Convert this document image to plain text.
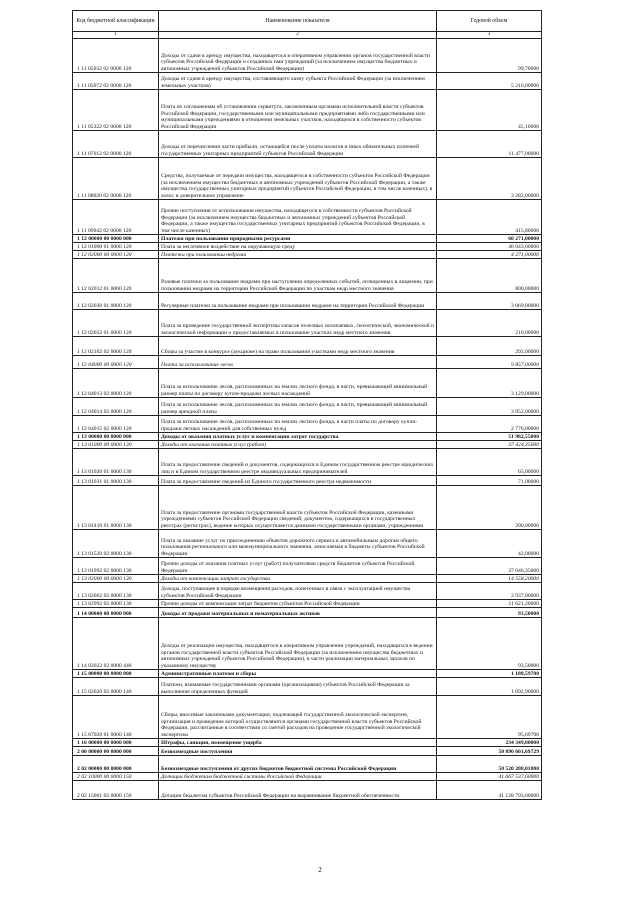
Код бюджетной классификации	Наименование показателя	Годовой объем
1	2	3
1 11 05032 02 0000 120	Доходы от сдачи в аренду имущества, находящегося в оперативном управлении органов государственной власти субъектов Российской Федерации и созданных ими учреждений (за исключением имущества бюджетных и автономных учреждений субъектов Российской Федерации)	99,70000
1 11 05072 02 0000 120	Доходы от сдачи в аренду имущества, составляющего казну субъекта Российской Федерации (за исключением земельных участков)	5 216,00000
1 11 05322 02 0000 120	Плата по соглашениям об установлении сервитута, заключенным органами исполнительной власти субъектов Российской Федерации, государственными или муниципальными предприятиями либо государственными или муниципальными учреждениями в отношении земельных участков, находящихся в собственности субъектов Российской Федерации	45,10000
1 11 07012 02 0000 120	Доходы от перечисления части прибыли, остающейся после уплаты налогов и иных обязательных платежей государственных унитарных предприятий субъектов Российской Федерации	11 477,00000
1 11 08020 02 0000 120	Средства, получаемые от передачи имущества, находящегося в собственности субъектов Российской Федерации (за исключением имущества бюджетных и автономных учреждений субъектов Российской Федерации, а также имущества государственных унитарных предприятий субъектов Российской Федерации, в том числе казенных), в залог, в доверительное управление	3 282,00000
1 11 09042 02 0000 120	Прочие поступления от использования имущества, находящегося в собственности субъектов Российской Федерации (за исключением имущества бюджетных и автономных учреждений субъектов Российской Федерации, а также имущества государственных унитарных предприятий субъектов Российской Федерации, в том числе казенных)	415,80000
1 12 00000 00 0000 000	Платежи при пользовании природными ресурсами	60 271,00000
1 12 01000 01 0000 120	Плата за негативное воздействие на окружающую среду	46 043,00000
1 12 02000 00 0000 120	Платежи при пользовании недрами	4 271,00000
1 12 02012 01 0000 120	Разовые платежи за пользование недрами при наступлении определенных событий, оговоренных в лицензии, при пользовании недрами на территории Российской Федерации по участкам недр местного значения	800,00000
1 12 02030 01 0000 120	Регулярные платежи за пользование недрами при пользовании недрами на территории Российской Федерации	3 069,00000
1 12 02052 01 0000 120	Плата за проведение государственной экспертизы запасов полезных ископаемых, геологической, экономической и экологической информации о предоставляемых в пользование участках недр местного значения	210,00000
1 12 02102 02 0000 120	Сборы за участие в конкурсе (аукционе) на право пользования участками недр местного значения	292,00000
1 12 04000 00 0000 120	Плата за использование лесов	9 857,00000
1 12 04013 02 0000 120	Плата за использование лесов, расположенных на землях лесного фонда, в части, превышающей минимальный размер платы по договору купли-продажи лесных насаждений	3 129,00000
1 12 04014 02 0000 120	Плата за использование лесов, расположенных на землях лесного фонда, в части, превышающей минимальный размер арендной платы	3 952,00000
1 12 04015 02 0000 120	Плата за использование лесов, расположенных на землях лесного фонда, в части платы по договору купли-продажи лесных насаждений для собственных нужд	2 776,00000
1 13 00000 00 0000 000	Доходы от оказания платных услуг и компенсации затрат государства	51 982,55000
1 13 01000 00 0000 130	Доходы от оказания платных услуг (работ)	37 424,35000
1 13 01020 01 0000 130	Плата за предоставление сведений и документов, содержащихся в Едином государственном реестре юридических лиц и в Едином государственном реестре индивидуальных предпринимателей	65,00000
1 13 01031 01 0000 130	Плата за предоставление сведений из Единого государственного реестра недвижимости	71,00000
1 13 01410 01 0000 130	Плата за предоставление органами государственной власти субъектов Российской Федерации, казенными учреждениями субъектов Российской Федерации сведений, документов, содержащихся в государственных реестрах (регистрах), ведение которых осуществляется данными государственными органами, учреждениями	200,00000
1 13 01520 02 0000 130	Плата за оказание услуг по присоединению объектов дорожного сервиса к автомобильным дорогам общего пользования регионального или межмуниципального значения, зачисляемая в бюджеты субъектов Российской Федерации	42,00000
1 13 01992 02 0000 130	Прочие доходы от оказания платных услуг (работ) получателями средств бюджетов субъектов Российской Федерации	37 046,35000
1 13 02000 00 0000 130	Доходы от компенсации затрат государства	14 558,20000
1 13 02062 02 0000 130	Доходы, поступающие в порядке возмещения расходов, понесенных в связи с эксплуатацией имущества субъектов Российской Федерации	2 937,00000
1 13 02992 02 0000 130	Прочие доходы от компенсации затрат бюджетов субъектов Российской Федерации	11 621,20000
1 14 00000 00 0000 000	Доходы от продажи материальных и нематериальных активов	93,50000
1 14 02022 02 0000 440	Доходы от реализации имущества, находящегося в оперативном управлении учреждений, находящихся в ведении органов государственной власти субъектов Российской Федерации (за исключением имущества бюджетных и автономных учреждений субъектов Российской Федерации), в части реализации материальных запасов по указанному имуществу	93,50000
1 15 00000 00 0000 000	Административные платежи и сборы	1 188,59700
1 15 02020 02 0000 140	Платежи, взимаемые государственными органами (организациями) субъектов Российской Федерации за выполнение определенных функций	1 092,90000
1 15 07020 01 0000 140	Сборы, вносимые заказчиками документации, подлежащей государственной экологической экспертизе, организация и проведение которой осуществляются органами государственной власти субъектов Российской Федерации, рассчитанные в соответствии со сметой расходов на проведение государственной экологической экспертизы	95,69700
1 16 00000 00 0000 000	Штрафы, санкции, возмещение ущерба	234 349,00000
2 00 00000 00 0000 000	Безвозмездные поступления	50 896 601,69729
2 02 00000 00 0000 000	Безвозмездные поступления от других бюджетов бюджетной системы Российской Федерации	50 520 208,01800
2 02 10000 00 0000 150	Дотации бюджетам бюджетной системы Российской Федерации	41 667 537,60000
2 02 15001 02 0000 150	Дотации бюджетам субъектов Российской Федерации на выравнивание бюджетной обеспеченности	41 128 793,60000
2
